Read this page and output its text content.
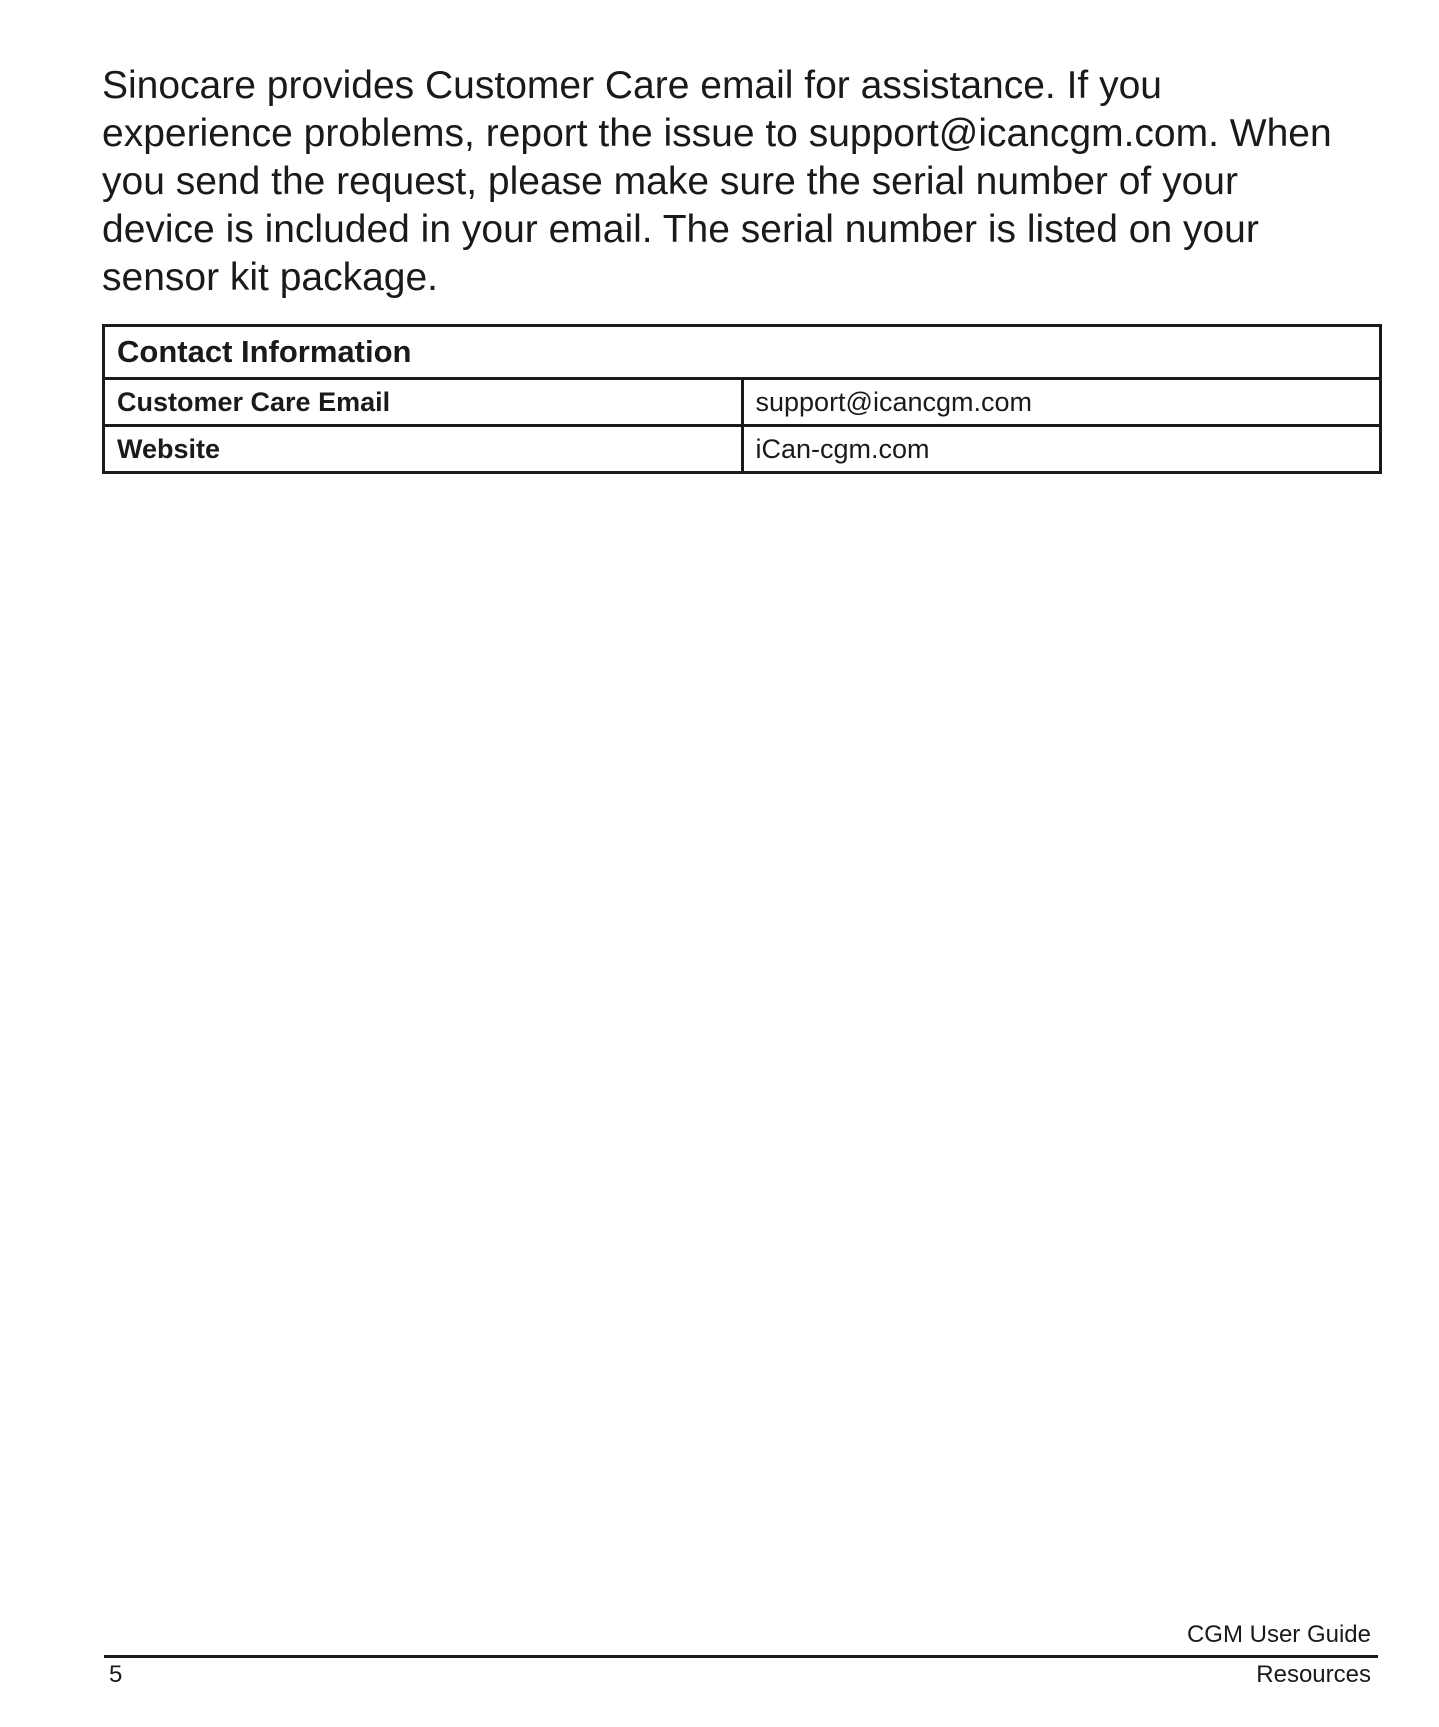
Sinocare provides Customer Care email for assistance. If you
experience problems, report the issue to support@icancgm.com. When
you send the request, please make sure the serial number of your
device is included in your email. The serial number is listed on your
sensor kit package.

Contact Information	
Customer Care Email	support@icancgm.com
Website	iCan-cgm.com
CGM User Guide
5	Resources
